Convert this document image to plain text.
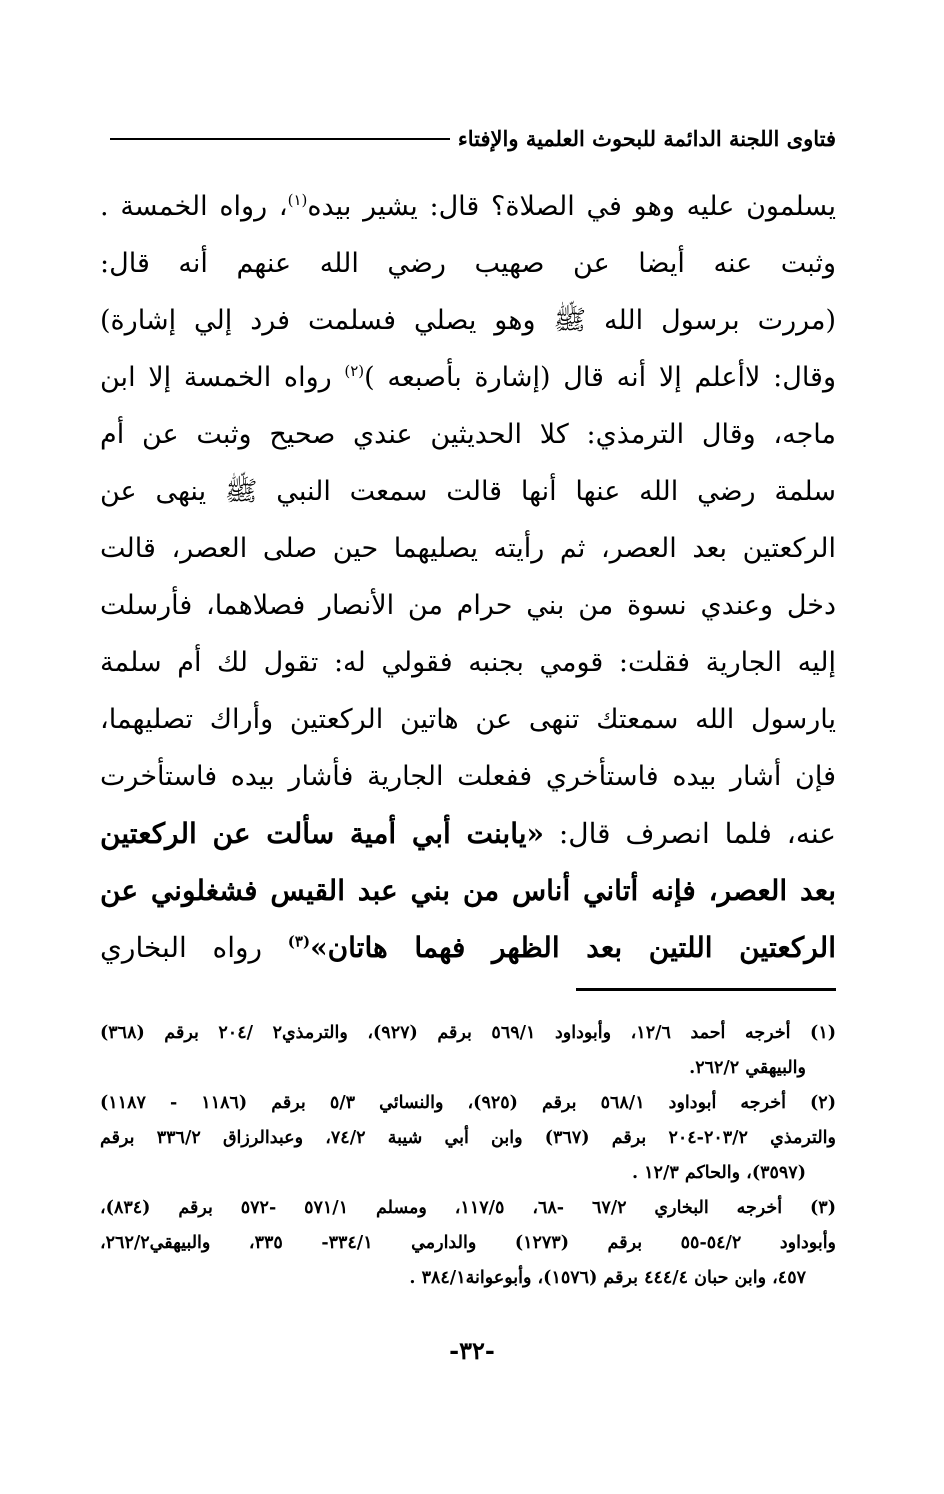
فتاوى اللجنة الدائمة للبحوث العلمية والإفتاء
يسلمون عليه وهو في الصلاة؟ قال: يشير بيده$^{(١)}$، رواه الخمسة .
وثبت عنه أيضا عن صهيب رضي الله عنهم أنه قال:
(مررت برسول الله ﷺ وهو يصلي فسلمت فرد إلي إشارة)
وقال: لاأعلم إلا أنه قال (إشارة بأصبعه )$^{(٢)}$ رواه الخمسة إلا ابن
ماجه، وقال الترمذي: كلا الحديثين عندي صحيح وثبت عن أم
سلمة رضي الله عنها أنها قالت سمعت النبي ﷺ ينهى عن
الركعتين بعد العصر، ثم رأيته يصليهما حين صلى العصر، قالت
دخل وعندي نسوة من بني حرام من الأنصار فصلاهما، فأرسلت
إليه الجارية فقلت: قومي بجنبه فقولي له: تقول لك أم سلمة
يارسول الله سمعتك تنهى عن هاتين الركعتين وأراك تصليهما،
فإن أشار بيده فاستأخري ففعلت الجارية فأشار بيده فاستأخرت
عنه، فلما انصرف قال: «يابنت أبي أمية سألت عن الركعتين
بعد العصر، فإنه أتاني أناس من بني عبد القيس فشغلوني عن
الركعتين اللتين بعد الظهر فهما هاتان»$^{(٣)}$ رواه البخاري
(١) أخرجه أحمد ١٢/٦، وأبوداود ٥٦٩/١ برقم (٩٢٧)، والترمذي٢ /٢٠٤ برقم (٣٦٨)
والبيهقي ٢٦٢/٢.
(٢) أخرجه أبوداود ٥٦٨/١ برقم (٩٢٥)، والنسائي ٥/٣ برقم (١١٨٦ - ١١٨٧)
والترمذي ٢٠٣/٢-٢٠٤ برقم (٣٦٧) وابن أبي شيبة ٧٤/٢، وعبدالرزاق ٣٣٦/٢ برقم
(٣٥٩٧)، والحاكم ١٢/٣ .
(٣) أخرجه البخاري ٦٧/٢ -٦٨، ١١٧/٥، ومسلم ٥٧١/١ -٥٧٢ برقم (٨٣٤)،
وأبوداود ٥٤/٢-٥٥ برقم (١٢٧٣) والدارمي ٣٣٤/١- ٣٣٥، والبيهقي٢٦٢/٢،
٤٥٧، وابن حبان ٤٤٤/٤ برقم (١٥٧٦)، وأبوعوانة٣٨٤/١ .
-٣٢-
